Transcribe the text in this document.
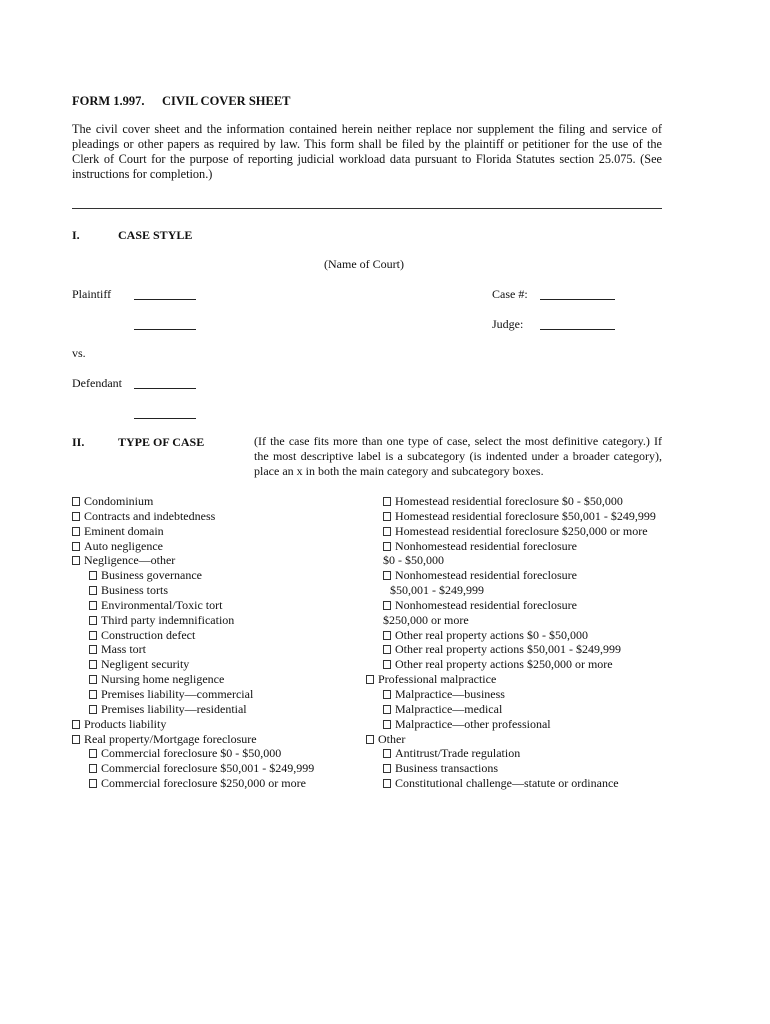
FORM 1.997. CIVIL COVER SHEET
The civil cover sheet and the information contained herein neither replace nor supplement the filing and service of pleadings or other papers as required by law. This form shall be filed by the plaintiff or petitioner for the use of the Clerk of Court for the purpose of reporting judicial workload data pursuant to Florida Statutes section 25.075. (See instructions for completion.)
I.	CASE STYLE
(Name of Court)
Plaintiff	Case #:
Judge:
vs.
Defendant
II.	TYPE OF CASE	(If the case fits more than one type of case, select the most definitive category.) If the most descriptive label is a subcategory (is indented under a broader category), place an x in both the main category and subcategory boxes.
Condominium
Contracts and indebtedness
Eminent domain
Auto negligence
Negligence—other
Business governance
Business torts
Environmental/Toxic tort
Third party indemnification
Construction defect
Mass tort
Negligent security
Nursing home negligence
Premises liability—commercial
Premises liability—residential
Products liability
Real property/Mortgage foreclosure
Commercial foreclosure $0 - $50,000
Commercial foreclosure $50,001 - $249,999
Commercial foreclosure $250,000 or more
Homestead residential foreclosure $0 - $50,000
Homestead residential foreclosure $50,001 - $249,999
Homestead residential foreclosure $250,000 or more
Nonhomestead residential foreclosure
$0 - $50,000
Nonhomestead residential foreclosure
$50,001 - $249,999
Nonhomestead residential foreclosure
$250,000 or more
Other real property actions $0 - $50,000
Other real property actions $50,001 - $249,999
Other real property actions $250,000 or more
Professional malpractice
Malpractice—business
Malpractice—medical
Malpractice—other professional
Other
Antitrust/Trade regulation
Business transactions
Constitutional challenge—statute or ordinance
